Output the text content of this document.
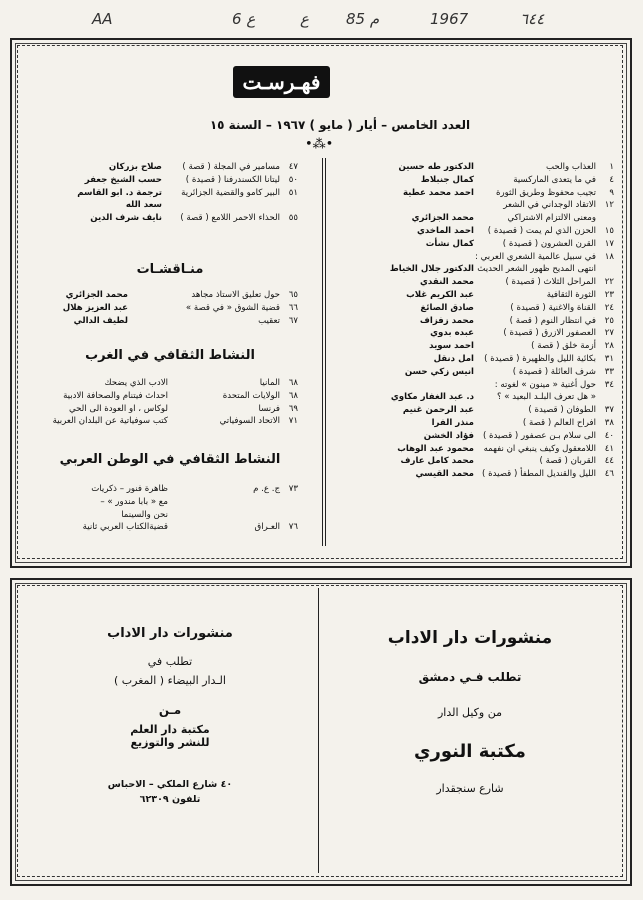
AA	ع 6	ع م 85	1967	٦٤٤
فهـرسـت
العدد الخامس – أيار ( مايو ) ١٩٦٧ – السنة ١٥
•⁂•
١
العذاب والحب
الدكتور طه حسين
٤
في ما يتعدى الماركسية
كمال جنبلاط
٩
تجيب محفوظ وطريق الثورة
احمد محمد عطية
١٢
الاتقاد الوجداني في الشعر
ومعنى الالتزام الاشتراكي
محمد الجزائري
١٥
الحزن الذي لم يمت ( قصيدة )
احمد الماخدي
١٧
القرن العشرون ( قصيدة )
كمال نشأت
١٨
في سبيل عالمية الشعري العربي :
انتهى المديح ظهور الشعر الحديث
الدكتور جلال الخياط
٢٢
المراحل الثلاث ( قصيدة )
محمد النقدي
٢٣
الثورة الثقافية
عبد الكريم غلاب
٢٤
القناة والاغنية ( قصيدة )
صادق الصائغ
٢٥
في انتظار النوم ( قصة )
محمد زفزاف
٢٧
العصفور الازرق ( قصيدة )
عبده بدوي
٢٨
أزمة خلق ( قصة )
احمد سويد
٣١
بكائية الليل والظهيرة ( قصيدة )
امل دنقل
٣٣
شرف العائلة ( قصيدة )
انيس زكي حسن
٣٤
حول أغنية « مينون » لغوته :
« هل تعرف البلـد البعيد » ؟
د. عبد الغفار مكاوي
٣٧
الطوفان ( قصيدة )
عبد الرحمن غنيم
٣٨
افراح العالم ( قصة )
منذر الفرا
٤٠
الى سلام بـن عصفور ( قصيدة )
فؤاد الخشن
٤١
اللامعقول وكيف ينبغي ان نفهمه
محمود عبد الوهاب
٤٤
القربان ( قصة )
محمد كامل عارف
٤٦
الليل والقنديل المطفأ ( قصيدة )
محمد القيسي
٤٧
مسامير في المجلة ( قصة )
صلاح بزركان
٥٠
ليتانا الكسندرفنا ( قصيدة )
حسب الشيخ جعفر
٥١
البير كامو والقضية الجزائرية
ترجمة د. ابو القاسم
سعد الله
٥٥
الحذاء الاحمر اللامع ( قصة )
نايف شرف الدين
منـاقشـات
٦٥
حول تعليق الاستاذ مجاهد
محمد الجزائري
٦٦
قضية الشوق « في قصة »
عبد العزيز هلال
٦٧
تعقيب
لطيف الدالي
النشاط الثقافي في الغرب
٦٨
المانيا
الادب الذي يضحك
٦٨
الولايات المتحدة
احداث فيتنام والصحافة الادبية
٦٩
فرنسا
لوكاس ، او العودة الى الحي
٧١
الاتحاد السوفياتي
كتب سوفياتية عن البلدان العربية
النشاط الثقافي في الوطن العربي
٧٣
ج. ع. م
ظاهرة فنور – ذكريات
مع « بابا مندور » –
نحن والسينما
٧٦
العـراق
قضيةالكتاب العربي ثانية
منشورات دار الاداب
تطلب فـي دمشق
من وكيل الدار
مكتبة النوري
شارع سنجقدار
منشورات دار الاداب
تطلب في
الـدار البيضاء ( المغرب )
مـن
مكتبة دار العلم
للنشر والتوزيع
٤٠ شارع الملكي – الاحباس
تلفون ٦٢٣٠٩
